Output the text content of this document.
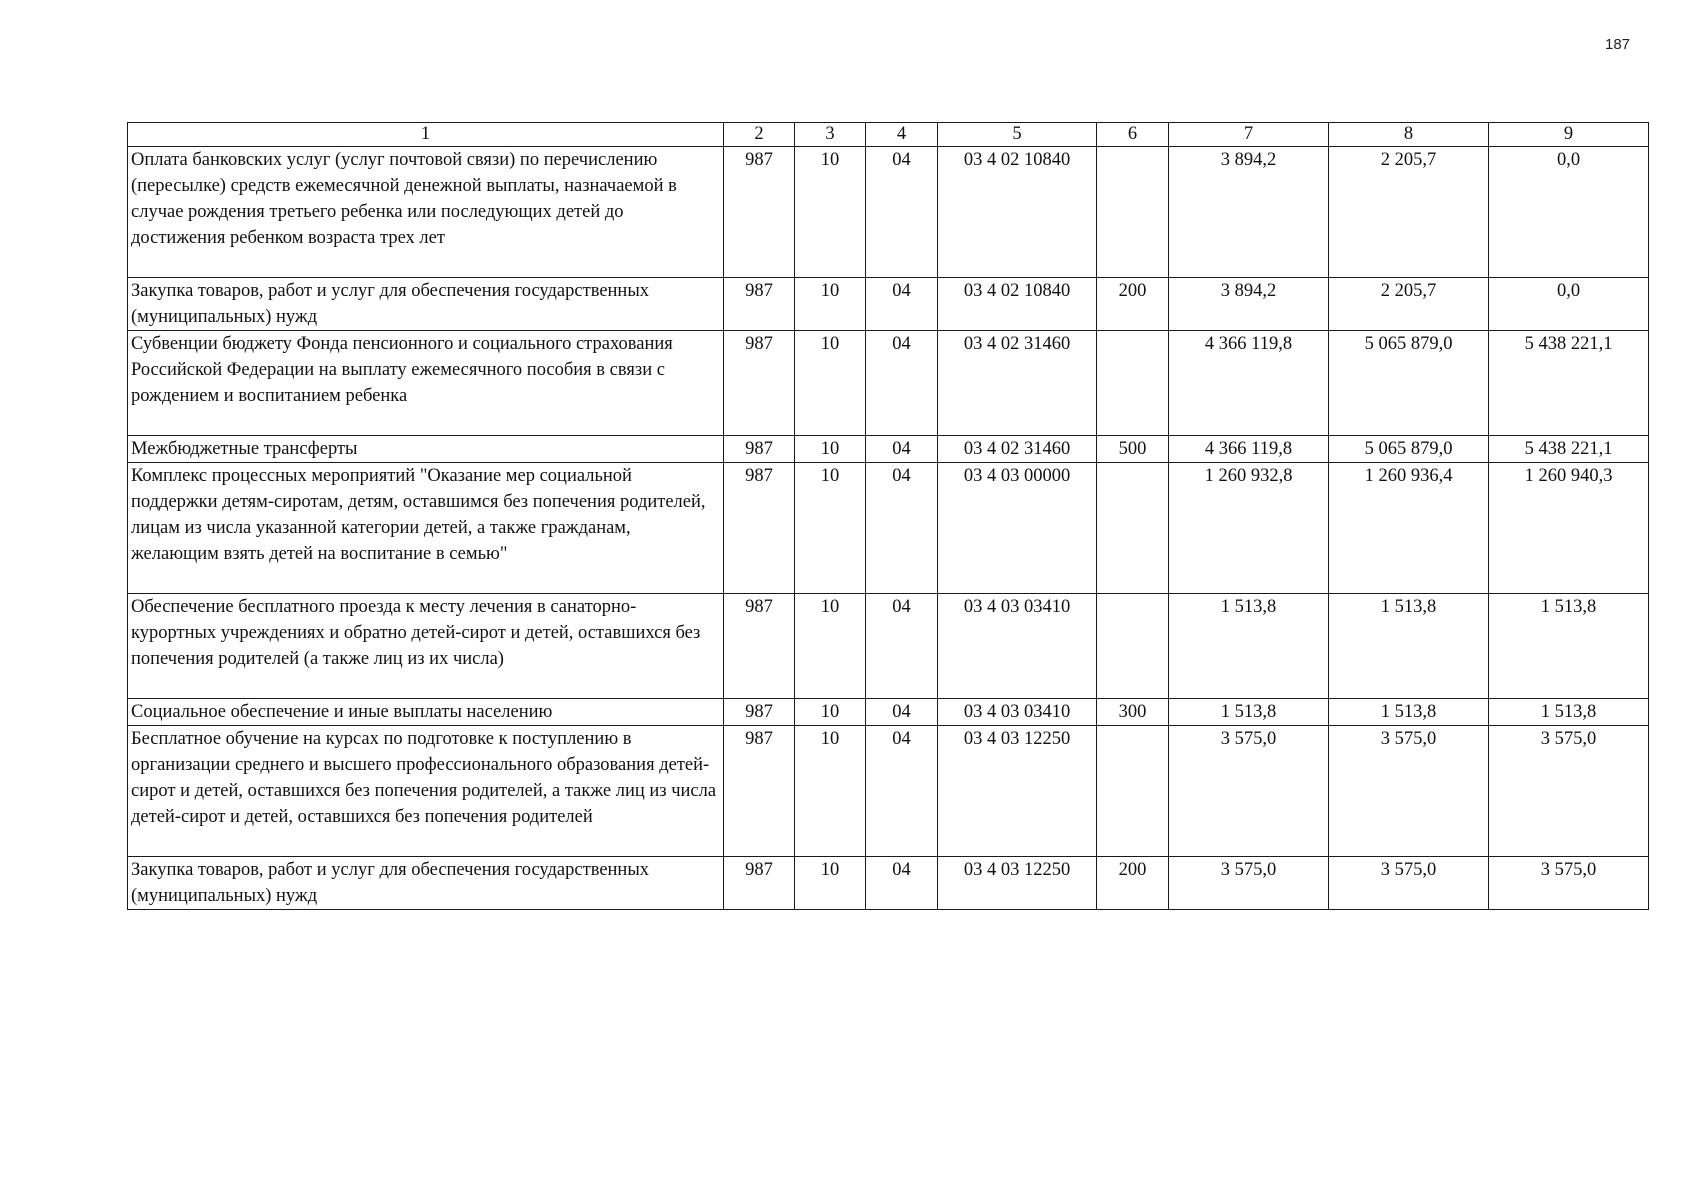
187
1	2	3	4	5	6	7	8	9
Оплата банковских услуг (услуг почтовой связи) по перечислению (пересылке) средств ежемесячной денежной выплаты, назначаемой в случае рождения третьего ребенка или последующих детей до достижения ребенком возраста трех лет	987	10	04	03 4 02 10840		3 894,2	2 205,7	0,0
Закупка товаров, работ и услуг для обеспечения государственных (муниципальных) нужд	987	10	04	03 4 02 10840	200	3 894,2	2 205,7	0,0
Субвенции бюджету Фонда пенсионного и социального страхования Российской Федерации на выплату ежемесячного пособия в связи с рождением и воспитанием ребенка	987	10	04	03 4 02 31460		4 366 119,8	5 065 879,0	5 438 221,1
Межбюджетные трансферты	987	10	04	03 4 02 31460	500	4 366 119,8	5 065 879,0	5 438 221,1
Комплекс процессных мероприятий "Оказание мер социальной поддержки детям-сиротам, детям, оставшимся без попечения родителей, лицам из числа указанной категории детей, а также гражданам, желающим взять детей на воспитание в семью"	987	10	04	03 4 03 00000		1 260 932,8	1 260 936,4	1 260 940,3
Обеспечение бесплатного проезда к месту лечения в санаторно-курортных учреждениях и обратно детей-сирот и детей, оставшихся без попечения родителей (а также лиц из их числа)	987	10	04	03 4 03 03410		1 513,8	1 513,8	1 513,8
Социальное обеспечение и иные выплаты населению	987	10	04	03 4 03 03410	300	1 513,8	1 513,8	1 513,8
Бесплатное обучение на курсах по подготовке к поступлению в организации среднего и высшего профессионального образования детей-сирот и детей, оставшихся без попечения родителей, а также лиц из числа детей-сирот и детей, оставшихся без попечения родителей	987	10	04	03 4 03 12250		3 575,0	3 575,0	3 575,0
Закупка товаров, работ и услуг для обеспечения государственных (муниципальных) нужд	987	10	04	03 4 03 12250	200	3 575,0	3 575,0	3 575,0
